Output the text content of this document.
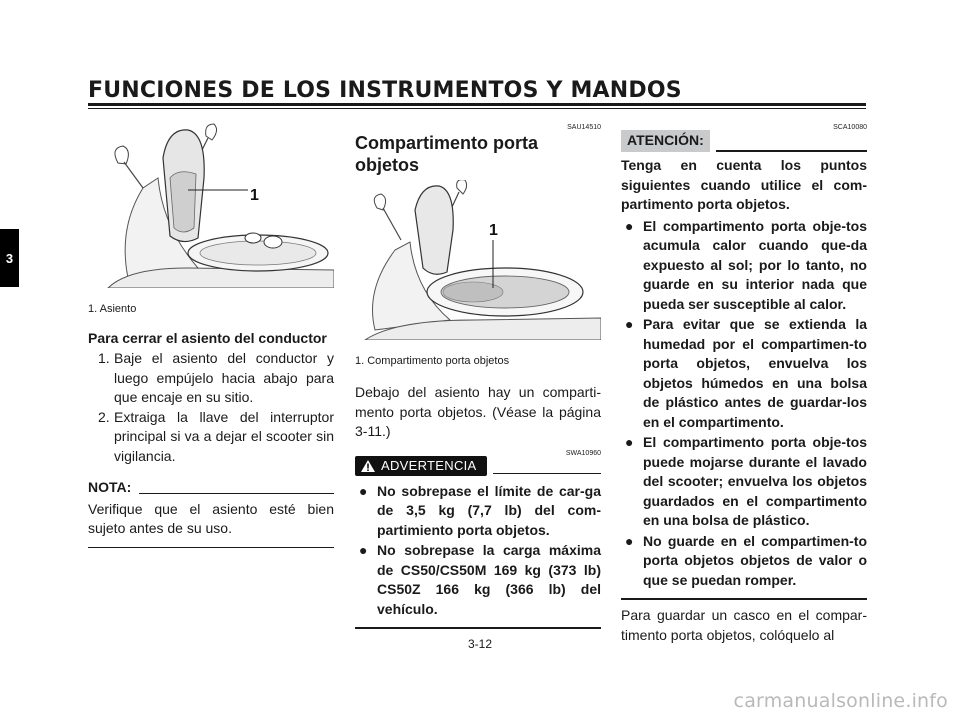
FUNCIONES DE LOS INSTRUMENTOS Y MANDOS
3
1
1. Asiento
Para cerrar el asiento del conductor
1. Baje el asiento del conductor y luego empújelo hacia abajo para que encaje en su sitio.
2. Extraiga la llave del interruptor principal si va a dejar el scooter sin vigilancia.
NOTA:
Verifique que el asiento esté bien sujeto antes de su uso.
SAU14510
Compartimento porta objetos
1
1. Compartimento porta objetos
Debajo del asiento hay un comparti-mento porta objetos. (Véase la página 3-11.)
SWA10960
ADVERTENCIA
● No sobrepase el límite de car-ga de 3,5 kg (7,7 lb) del com-partimiento porta objetos.
● No sobrepase la carga máxima de CS50/CS50M 169 kg (373 lb) CS50Z 166 kg (366 lb) del vehículo.
SCA10080
ATENCIÓN:
Tenga en cuenta los puntos siguientes cuando utilice el com-partimento porta objetos.
● El compartimento porta obje-tos acumula calor cuando que-da expuesto al sol; por lo tanto, no guarde en su interior nada que pueda ser susceptible al calor.
● Para evitar que se extienda la humedad por el compartimen-to porta objetos, envuelva los objetos húmedos en una bolsa de plástico antes de guardar-los en el compartimento.
● El compartimento porta obje-tos puede mojarse durante el lavado del scooter; envuelva los objetos guardados en el compartimento en una bolsa de plástico.
● No guarde en el compartimen-to porta objetos objetos de valor o que se puedan romper.
Para guardar un casco en el compar-timento porta objetos, colóquelo al
3-12
carmanualsonline.info
